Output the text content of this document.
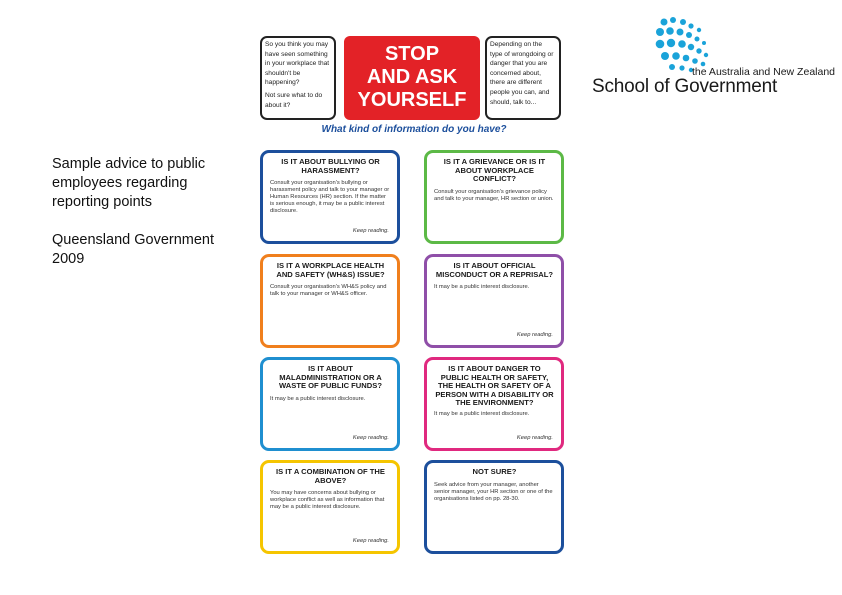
Sample advice to public employees regarding reporting points

Queensland Government 2009

the Australia and New Zealand
School of Government

So you think you may have seen something in your workplace that shouldn't be happening?

Not sure what to do about it?

STOP
AND ASK
YOURSELF

Depending on the type of wrongdoing or danger that you are concerned about, there are different people you can, and should, talk to...

What kind of information do you have?
IS IT ABOUT BULLYING OR HARASSMENT?
Consult your organisation's bullying or harassment policy and talk to your manager or Human Resources (HR) section. If the matter is serious enough, it may be a public interest disclosure.
Keep reading.
IS IT A GRIEVANCE OR IS IT ABOUT WORKPLACE CONFLICT?
Consult your organisation's grievance policy and talk to your manager, HR section or union.
IS IT A WORKPLACE HEALTH AND SAFETY (WH&S) ISSUE?
Consult your organisation's WH&S policy and talk to your manager or WH&S officer.
IS IT ABOUT OFFICIAL MISCONDUCT OR A REPRISAL?
It may be a public interest disclosure.
Keep reading.
IS IT ABOUT MALADMINISTRATION OR A WASTE OF PUBLIC FUNDS?
It may be a public interest disclosure.
Keep reading.
IS IT ABOUT DANGER TO PUBLIC HEALTH OR SAFETY, THE HEALTH OR SAFETY OF A PERSON WITH A DISABILITY OR THE ENVIRONMENT?
It may be a public interest disclosure.
Keep reading.
IS IT A COMBINATION OF THE ABOVE?
You may have concerns about bullying or workplace conflict as well as information that may be a public interest disclosure.
Keep reading.
NOT SURE?
Seek advice from your manager, another senior manager, your HR section or one of the organisations listed on pp. 28-30.
